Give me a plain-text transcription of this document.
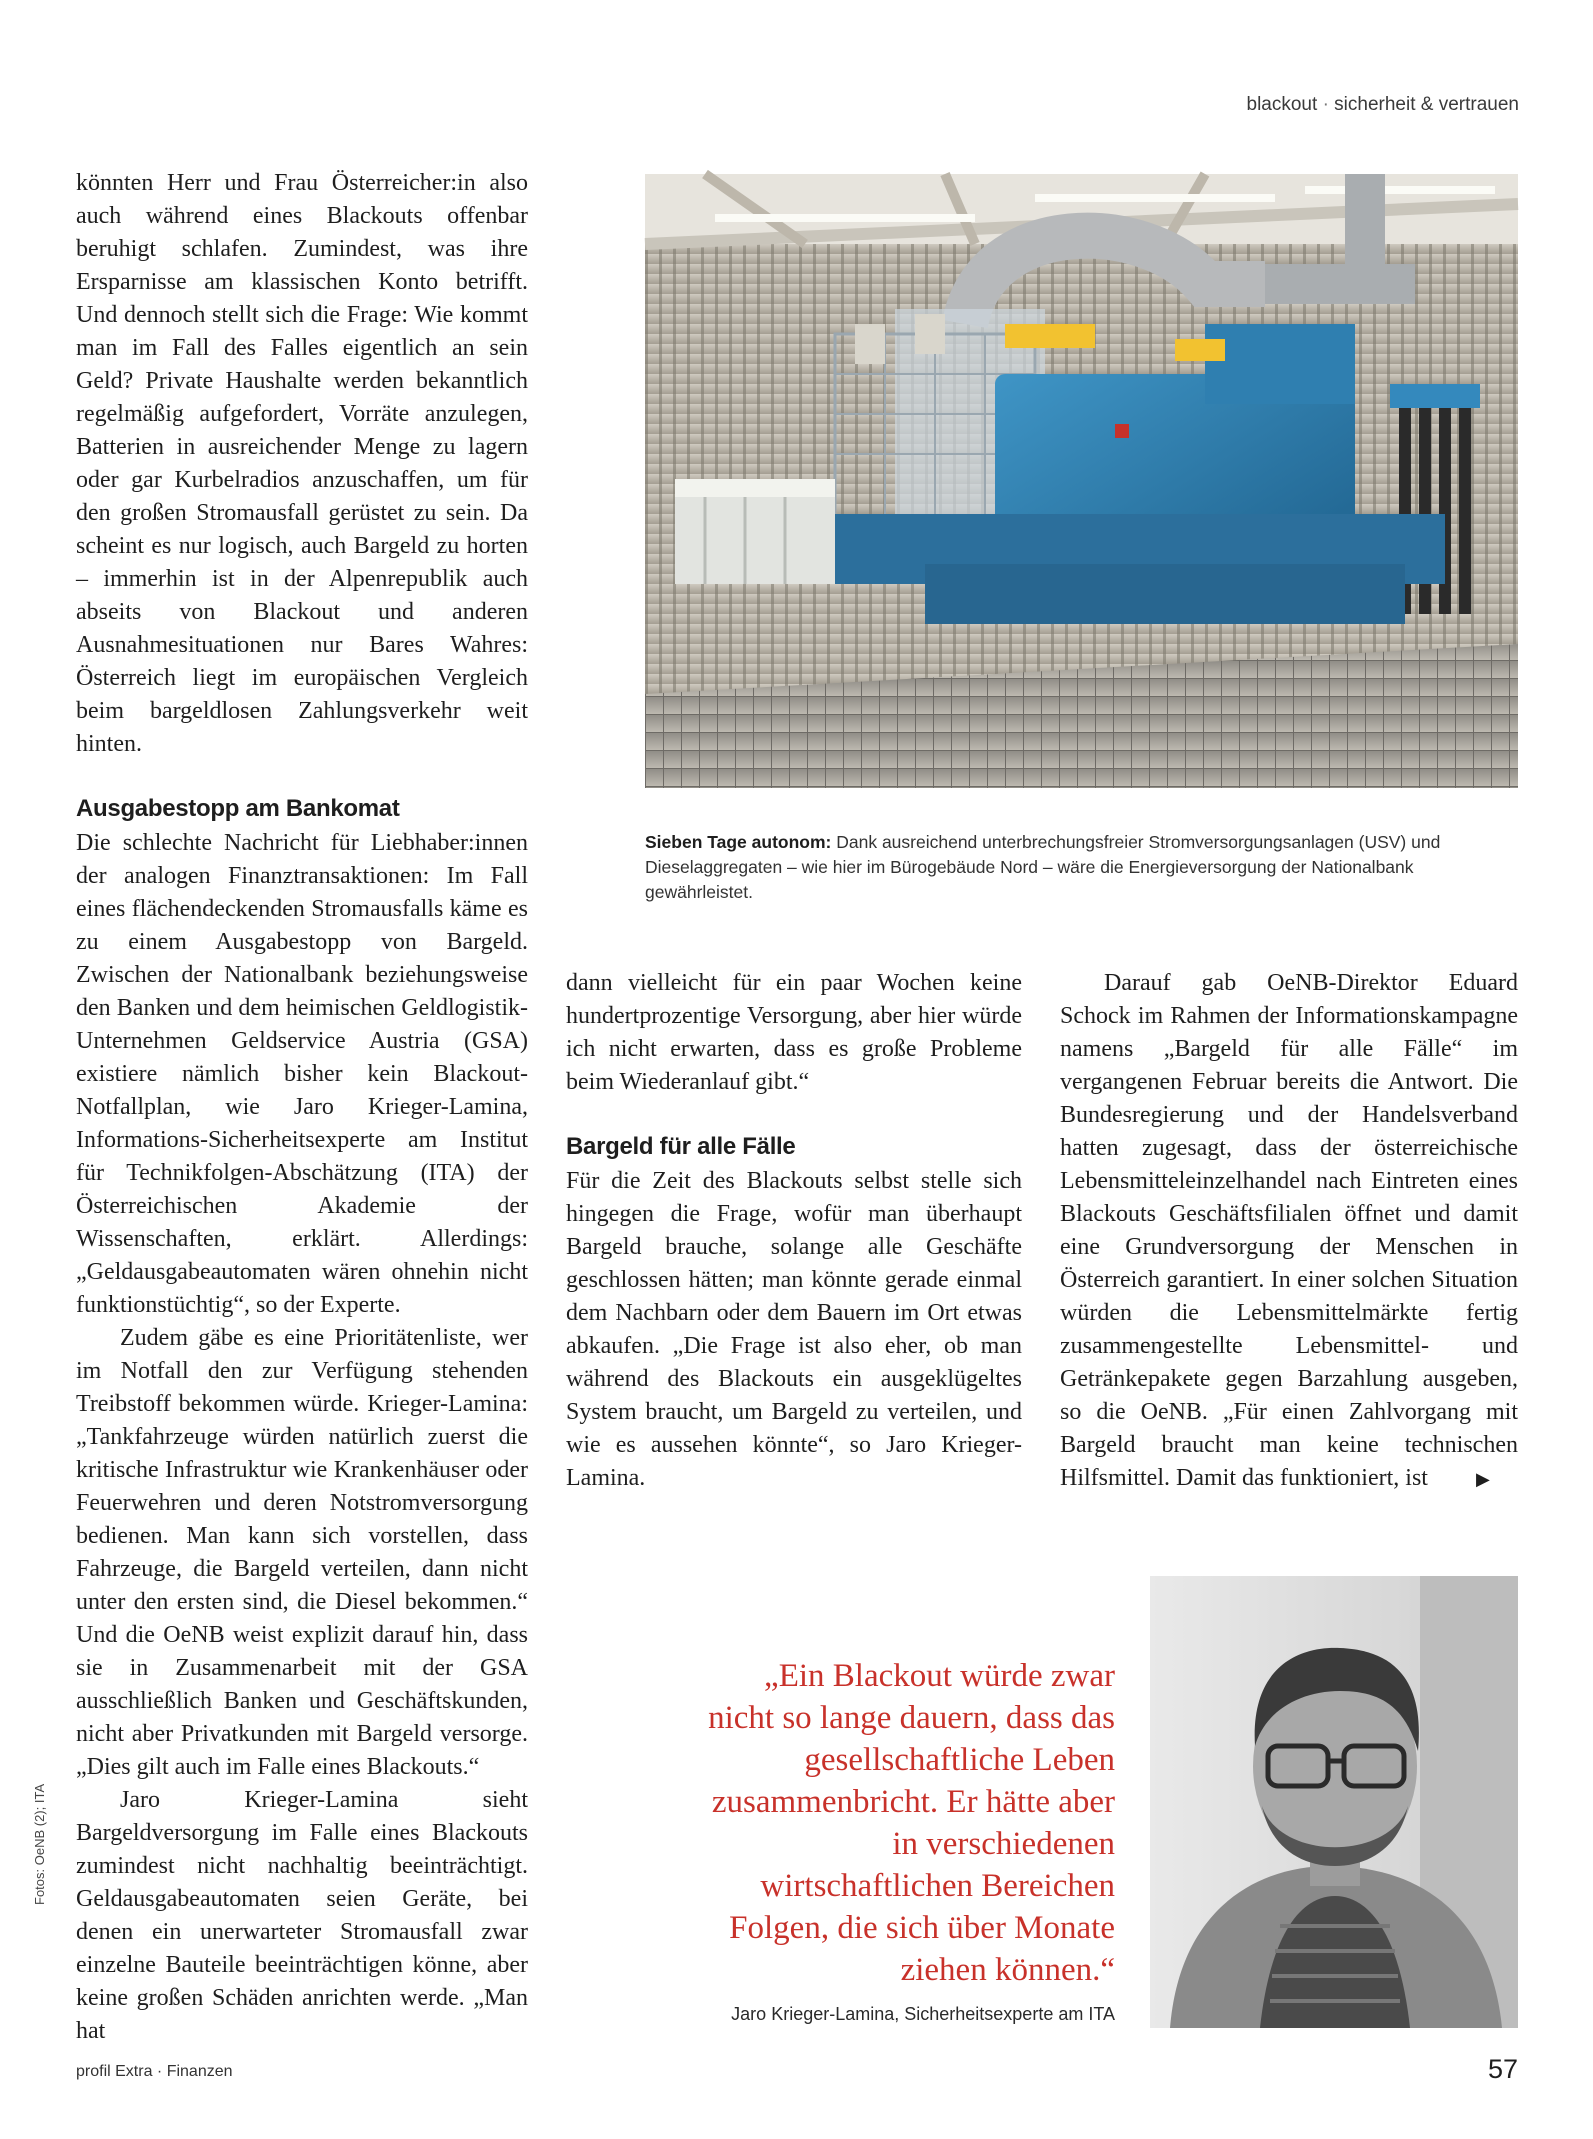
blackout · sicherheit & vertrauen

könnten Herr und Frau Österreicher:in also auch während eines Blackouts offenbar beruhigt schlafen. Zumindest, was ihre Ersparnisse am klassischen Konto betrifft. Und dennoch stellt sich die Frage: Wie kommt man im Fall des Falles eigentlich an sein Geld? Private Haushalte werden bekanntlich regelmäßig aufgefordert, Vorräte anzulegen, Batterien in ausreichender Menge zu lagern oder gar Kurbelradios anzuschaffen, um für den großen Stromausfall gerüstet zu sein. Da scheint es nur logisch, auch Bargeld zu horten – immerhin ist in der Alpenrepublik auch abseits von Blackout und anderen Ausnahmesituationen nur Bares Wahres: Österreich liegt im europäischen Vergleich beim bargeldlosen Zahlungsverkehr weit hinten.

Ausgabestopp am Bankomat

Die schlechte Nachricht für Liebhaber:innen der analogen Finanztransaktionen: Im Fall eines flächendeckenden Stromausfalls käme es zu einem Ausgabestopp von Bargeld. Zwischen der Nationalbank beziehungsweise den Banken und dem heimischen Geldlogistik-Unternehmen Geldservice Austria (GSA) existiere nämlich bisher kein Blackout-Notfallplan, wie Jaro Krieger-Lamina, Informations-Sicherheitsexperte am Institut für Technikfolgen-Abschätzung (ITA) der Österreichischen Akademie der Wissenschaften, erklärt. Allerdings: „Geldausgabeautomaten wären ohnehin nicht funktionstüchtig“, so der Experte.

Zudem gäbe es eine Prioritätenliste, wer im Notfall den zur Verfügung stehenden Treibstoff bekommen würde. Krieger-Lamina: „Tankfahrzeuge würden natürlich zuerst die kritische Infrastruktur wie Krankenhäuser oder Feuerwehren und deren Notstromversorgung bedienen. Man kann sich vorstellen, dass Fahrzeuge, die Bargeld verteilen, dann nicht unter den ersten sind, die Diesel bekommen.“ Und die OeNB weist explizit darauf hin, dass sie in Zusammenarbeit mit der GSA ausschließlich Banken und Geschäftskunden, nicht aber Privatkunden mit Bargeld versorge. „Dies gilt auch im Falle eines Blackouts.“

Jaro Krieger-Lamina sieht Bargeldversorgung im Falle eines Blackouts zumindest nicht nachhaltig beeinträchtigt. Geldausgabeautomaten seien Geräte, bei denen ein unerwarteter Stromausfall zwar einzelne Bauteile beeinträchtigen könne, aber keine großen Schäden anrichten werde. „Man hat

Sieben Tage autonom: Dank ausreichend unterbrechungsfreier Stromversorgungsanlagen (USV) und Dieselaggregaten – wie hier im Bürogebäude Nord – wäre die Energieversorgung der Nationalbank gewährleistet.

dann vielleicht für ein paar Wochen keine hundertprozentige Versorgung, aber hier würde ich nicht erwarten, dass es große Probleme beim Wiederanlauf gibt.“

Bargeld für alle Fälle

Für die Zeit des Blackouts selbst stelle sich hingegen die Frage, wofür man überhaupt Bargeld brauche, solange alle Geschäfte geschlossen hätten; man könnte gerade einmal dem Nachbarn oder dem Bauern im Ort etwas abkaufen. „Die Frage ist also eher, ob man während des Blackouts ein ausgeklügeltes System braucht, um Bargeld zu verteilen, und wie es aussehen könnte“, so Jaro Krieger-Lamina.

Darauf gab OeNB-Direktor Eduard Schock im Rahmen der Informationskampagne namens „Bargeld für alle Fälle“ im vergangenen Februar bereits die Antwort. Die Bundesregierung und der Handelsverband hatten zugesagt, dass der österreichische Lebensmitteleinzelhandel nach Eintreten eines Blackouts Geschäftsfilialen öffnet und damit eine Grundversorgung der Menschen in Österreich garantiert. In einer solchen Situation würden die Lebensmittelmärkte fertig zusammengestellte Lebensmittel- und Getränkepakete gegen Barzahlung ausgeben, so die OeNB. „Für einen Zahlvorgang mit Bargeld braucht man keine technischen Hilfsmittel. Damit das funktioniert, ist	▶

„Ein Blackout würde zwar nicht so lange dauern, dass das gesellschaftliche Leben zusammenbricht. Er hätte aber in verschiedenen wirtschaftlichen Bereichen Folgen, die sich über Monate ziehen können.“
Jaro Krieger-Lamina, Sicherheitsexperte am ITA
Fotos: OeNB (2); ITA
profil Extra · Finanzen	57
